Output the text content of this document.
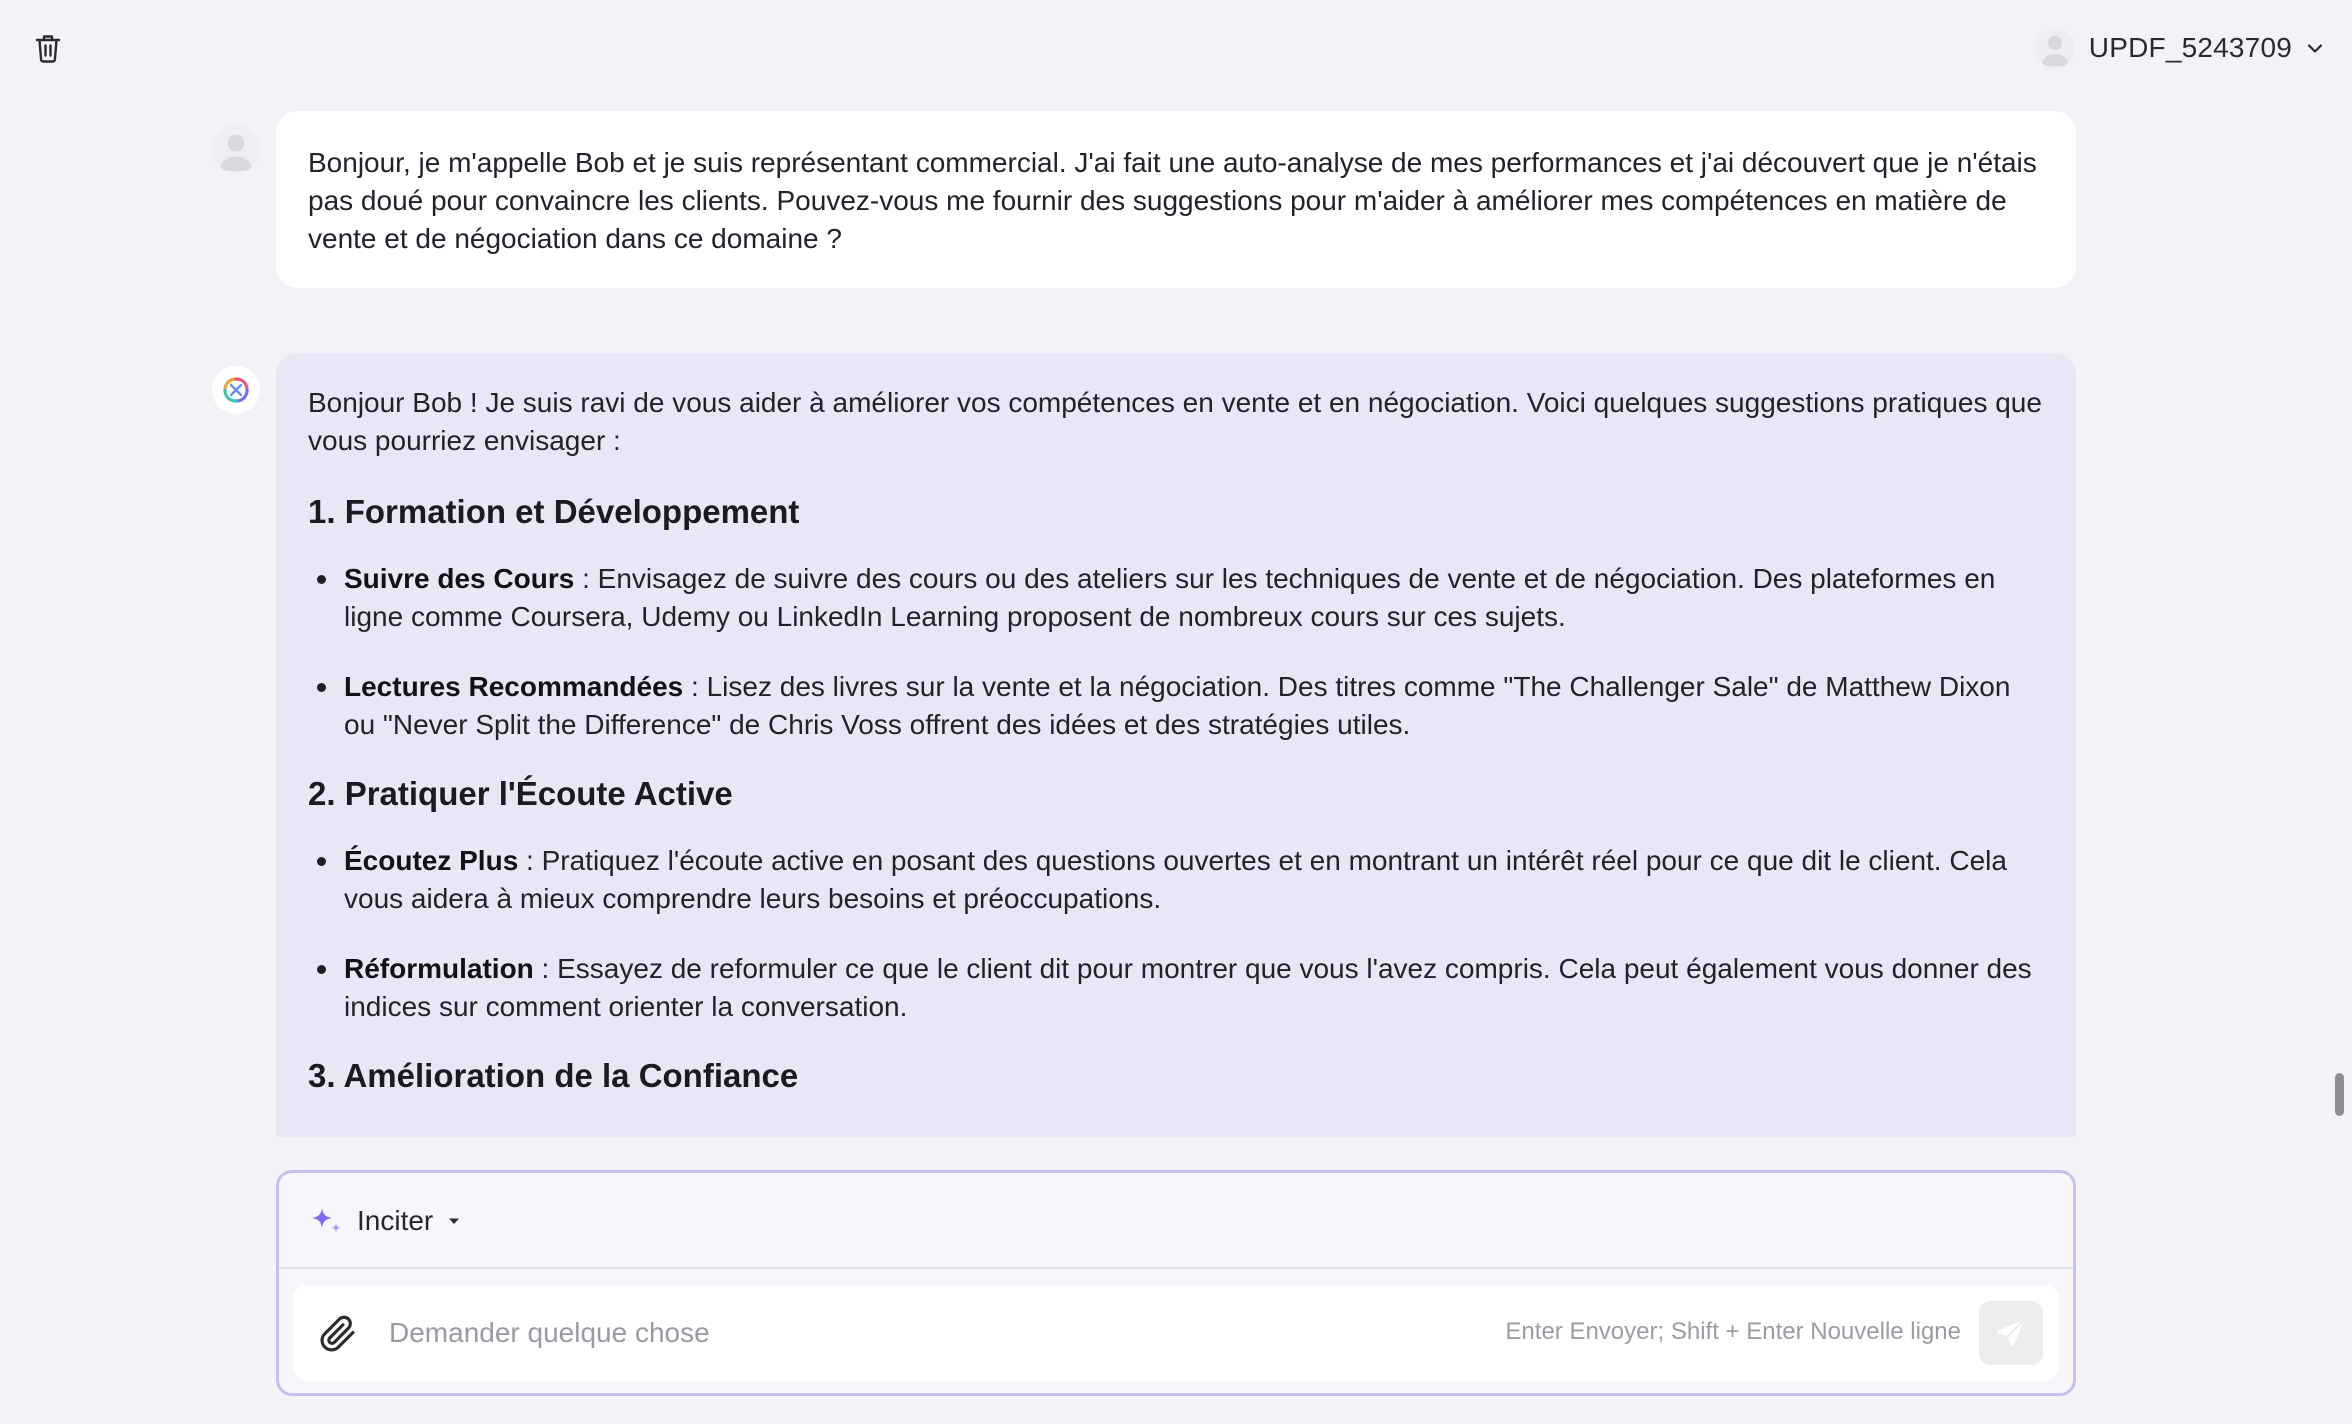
UPDF_5243709
Bonjour, je m'appelle Bob et je suis représentant commercial. J'ai fait une auto-analyse de mes performances et j'ai découvert que je n'étais pas doué pour convaincre les clients. Pouvez-vous me fournir des suggestions pour m'aider à améliorer mes compétences en matière de vente et de négociation dans ce domaine ?

Bonjour Bob ! Je suis ravi de vous aider à améliorer vos compétences en vente et en négociation. Voici quelques suggestions pratiques que vous pourriez envisager :

1. Formation et Développement
Suivre des Cours : Envisagez de suivre des cours ou des ateliers sur les techniques de vente et de négociation. Des plateformes en ligne comme Coursera, Udemy ou LinkedIn Learning proposent de nombreux cours sur ces sujets.
Lectures Recommandées : Lisez des livres sur la vente et la négociation. Des titres comme "The Challenger Sale" de Matthew Dixon ou "Never Split the Difference" de Chris Voss offrent des idées et des stratégies utiles.
2. Pratiquer l'Écoute Active
Écoutez Plus : Pratiquez l'écoute active en posant des questions ouvertes et en montrant un intérêt réel pour ce que dit le client. Cela vous aidera à mieux comprendre leurs besoins et préoccupations.
Réformulation : Essayez de reformuler ce que le client dit pour montrer que vous l'avez compris. Cela peut également vous donner des indices sur comment orienter la conversation.
3. Amélioration de la Confiance
Inciter
Demander quelque chose
Enter Envoyer; Shift + Enter Nouvelle ligne
